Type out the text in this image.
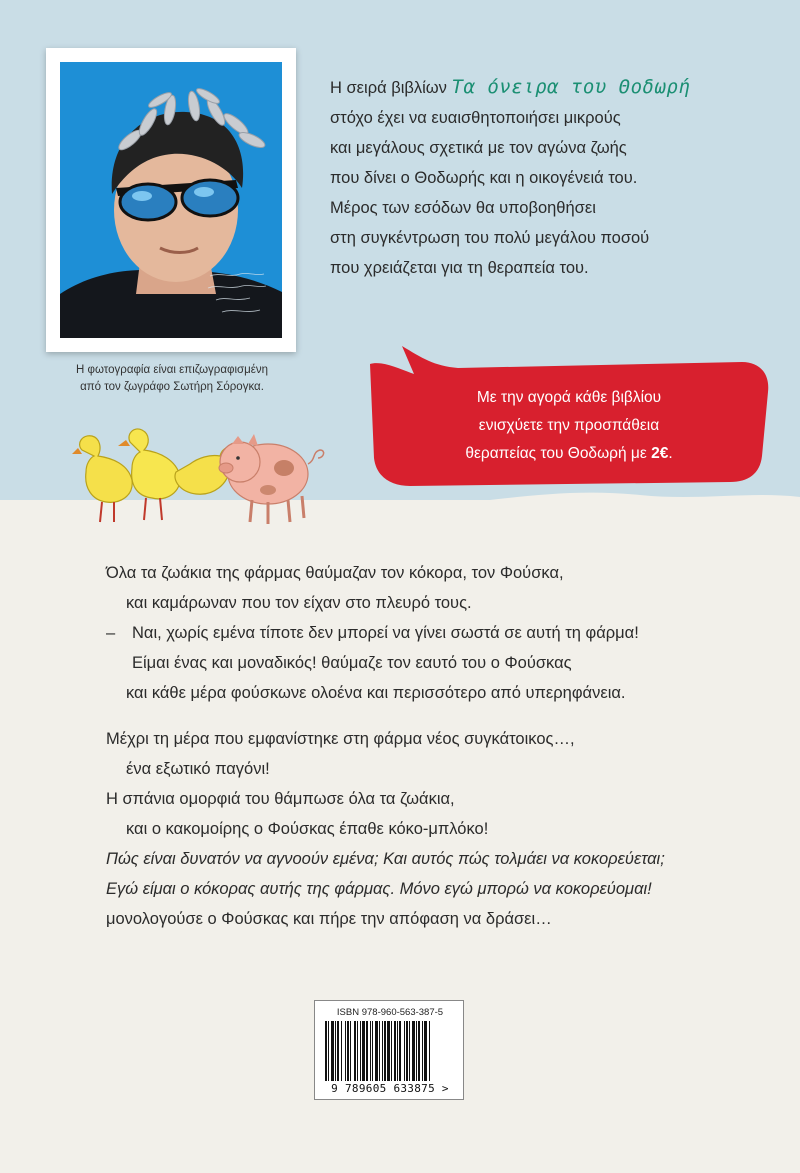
Η φωτογραφία είναι επιζωγραφισμένη
από τον ζωγράφο Σωτήρη Σόρογκα.
Η σειρά βιβλίων Τα όνειρα του Θοδωρή
στόχο έχει να ευαισθητοποιήσει μικρούς
και μεγάλους σχετικά με τον αγώνα ζωής
που δίνει ο Θοδωρής και η οικογένειά του.
Μέρος των εσόδων θα υποβοηθήσει
στη συγκέντρωση του πολύ μεγάλου ποσού
που χρειάζεται για τη θεραπεία του.
Με την αγορά κάθε βιβλίου
ενισχύετε την προσπάθεια
θεραπείας του Θοδωρή με 2€.
Όλα τα ζωάκια της φάρμας θαύμαζαν τον κόκορα, τον Φούσκα,
και καμάρωναν που τον είχαν στο πλευρό τους.
– Ναι, χωρίς εμένα τίποτε δεν μπορεί να γίνει σωστά σε αυτή τη φάρμα!
Είμαι ένας και μοναδικός! θαύμαζε τον εαυτό του ο Φούσκας
και κάθε μέρα φούσκωνε ολοένα και περισσότερο από υπερηφάνεια.
Μέχρι τη μέρα που εμφανίστηκε στη φάρμα νέος συγκάτοικος…,
ένα εξωτικό παγόνι!
Η σπάνια ομορφιά του θάμπωσε όλα τα ζωάκια,
και ο κακομοίρης ο Φούσκας έπαθε κόκο-μπλόκο!
Πώς είναι δυνατόν να αγνοούν εμένα; Και αυτός πώς τολμάει να κοκορεύεται;
Εγώ είμαι ο κόκορας αυτής της φάρμας. Μόνο εγώ μπορώ να κοκορεύομαι!
μονολογούσε ο Φούσκας και πήρε την απόφαση να δράσει…
ISBN 978-960-563-387-5
9 789605 633875 >
